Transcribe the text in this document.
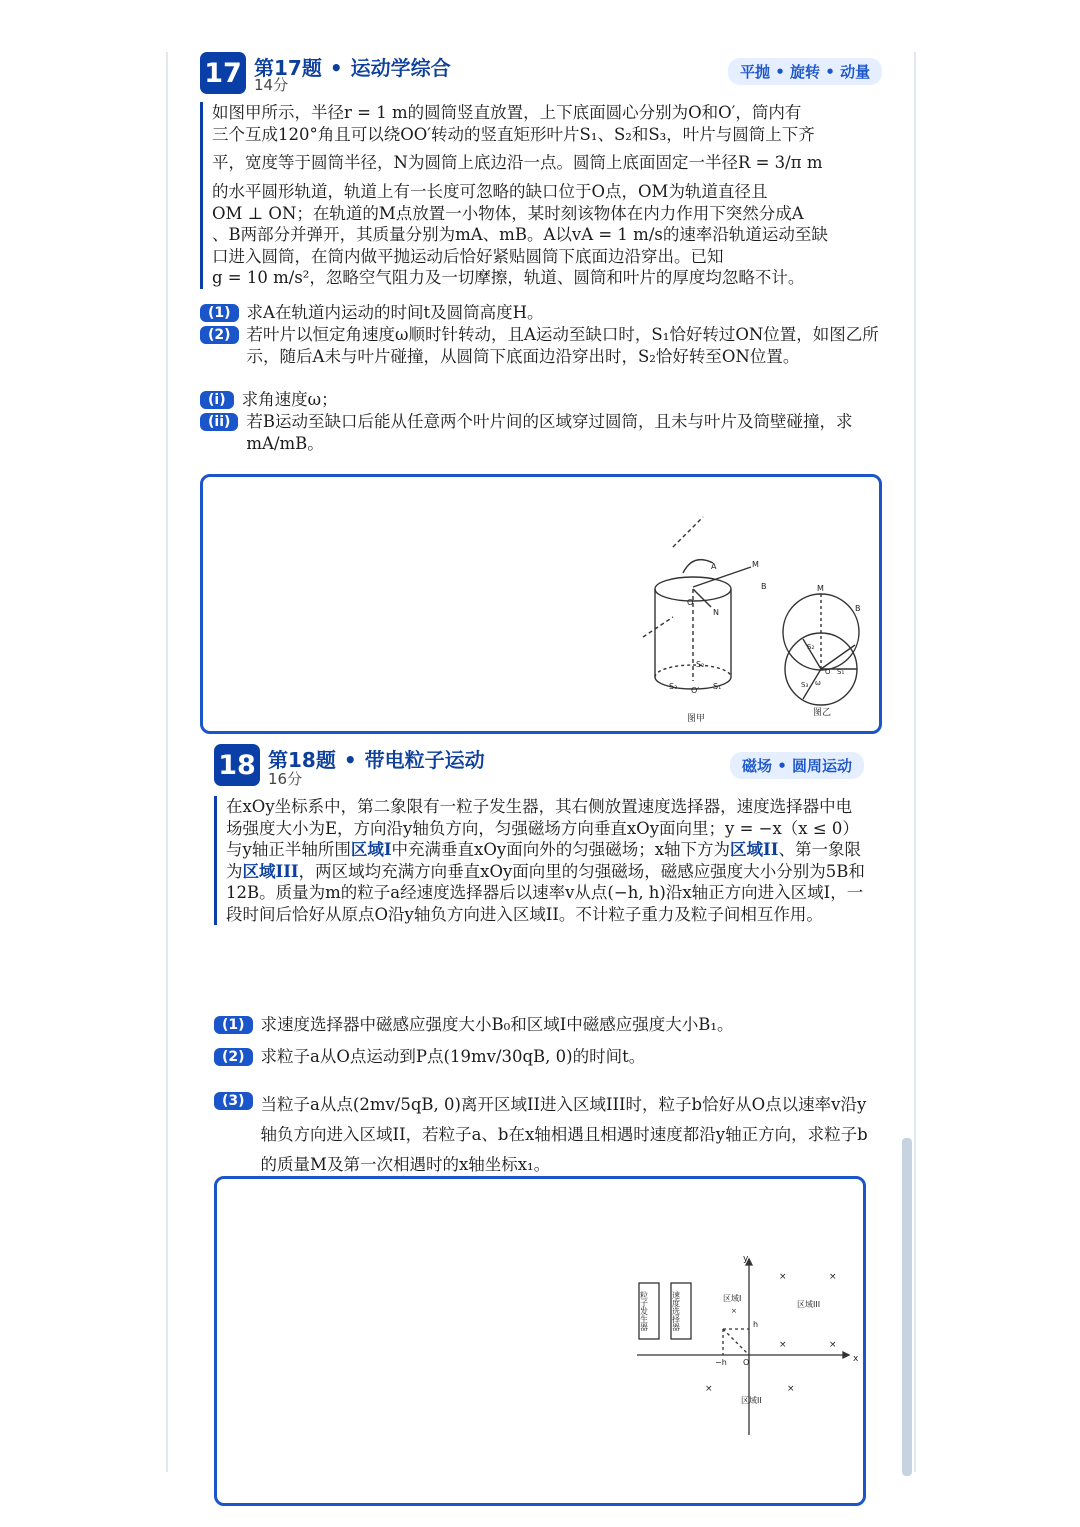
17 第17题 • 运动学综合
14分
平抛 • 旋转 • 动量

如图甲所示，半径r = 1 m的圆筒竖直放置，上下底面圆心分别为O和O′，筒内有

三个互成120°角且可以绕OO′转动的竖直矩形叶片S₁、S₂和S₃，叶片与圆筒上下齐

平，宽度等于圆筒半径，N为圆筒上底边沿一点。圆筒上底面固定一半径R = 3/π m

的水平圆形轨道，轨道上有一长度可忽略的缺口位于O点，OM为轨道直径且

OM ⊥ ON；在轨道的M点放置一小物体，某时刻该物体在内力作用下突然分成A

、B两部分并弹开，其质量分别为mA、mB。A以vA = 1 m/s的速率沿轨道运动至缺

口进入圆筒，在筒内做平抛运动后恰好紧贴圆筒下底面边沿穿出。已知

g = 10 m/s²，忽略空气阻力及一切摩擦，轨道、圆筒和叶片的厚度均忽略不计。

(1) 求A在轨道内运动的时间t及圆筒高度H。
(2) 若叶片以恒定角速度ω顺时针转动，且A运动至缺口时，S₁恰好转过ON位置，如图乙所示，随后A未与叶片碰撞，从圆筒下底面边沿穿出时，S₂恰好转至ON位置。
(i) 求角速度ω；
(ii) 若B运动至缺口后能从任意两个叶片间的区域穿过圆筒，且未与叶片及筒壁碰撞，求mA/mB。
A	M
B
O
N
S₂
S₃	S₁
O′
图甲
M
B
O S₁
S₂
S₃ ω
图乙
18 第18题 • 带电粒子运动
16分
磁场 • 圆周运动

在xOy坐标系中，第二象限有一粒子发生器，其右侧放置速度选择器，速度选择器中电场强度大小为E，方向沿y轴负方向，匀强磁场方向垂直xOy面向里；y = −x（x ≤ 0）与y轴正半轴所围区域I中充满垂直xOy面向外的匀强磁场；x轴下方为区域II、第一象限为区域III，两区域均充满方向垂直xOy面向里的匀强磁场，磁感应强度大小分别为5B和12B。质量为m的粒子a经速度选择器后以速率v从点(−h, h)沿x轴正方向进入区域I，一段时间后恰好从原点O沿y轴负方向进入区域II。不计粒子重力及粒子间相互作用。

(1) 求速度选择器中磁感应强度大小B₀和区域I中磁感应强度大小B₁。
(2) 求粒子a从O点运动到P点(19mv/30qB, 0)的时间t。
(3) 当粒子a从点(2mv/5qB, 0)离开区域II进入区域III时，粒子b恰好从O点以速率v沿y轴负方向进入区域II，若粒子a、b在x轴相遇且相遇时速度都沿y轴正方向，求粒子b的质量M及第一次相遇时的x轴坐标x₁。
粒子发生器	速度选择器	区域I
区域III
区域II
x
y
h
−h O
×	×
×	×
×	×
×
